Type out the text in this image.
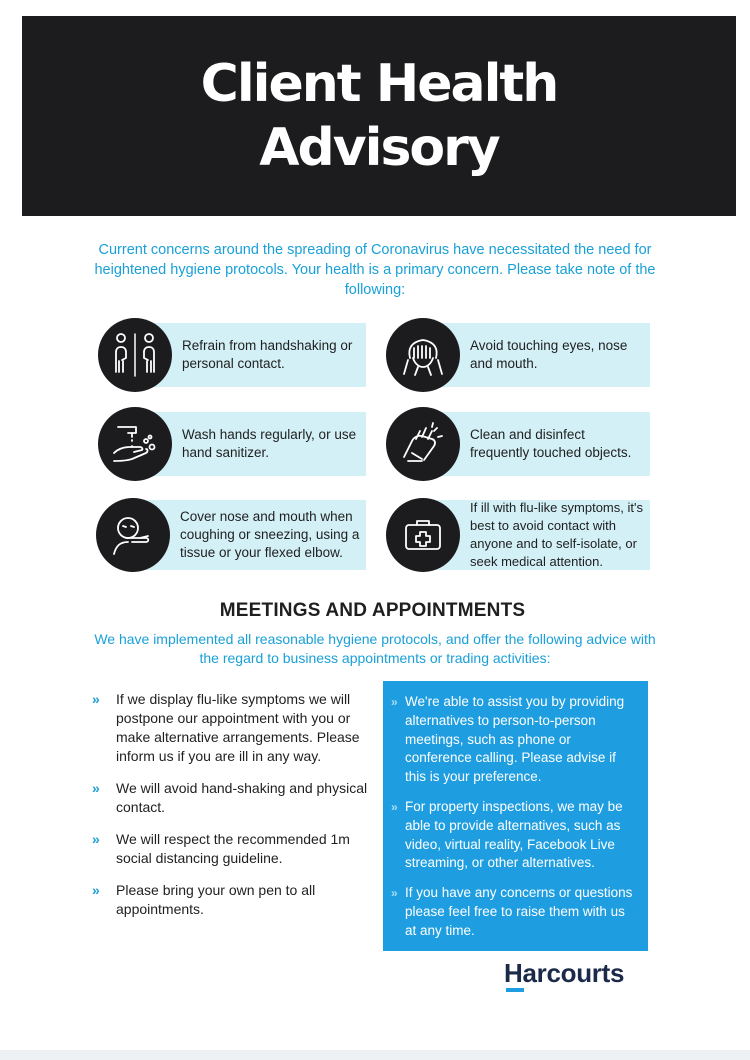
Client Health
Advisory

Current concerns around the spreading of Coronavirus have necessitated the need for heightened hygiene protocols. Your health is a primary concern. Please take note of the following:

Refrain from handshaking or personal contact.
Avoid touching eyes, nose and mouth.
Wash hands regularly, or use hand sanitizer.
Clean and disinfect frequently touched objects.
Cover nose and mouth when coughing or sneezing, using a tissue or your flexed elbow.
If ill with flu-like symptoms, it's best to avoid contact with anyone and to self-isolate, or seek medical attention.
MEETINGS AND APPOINTMENTS

We have implemented all reasonable hygiene protocols, and offer the following advice with the regard to business appointments or trading activities:

» If we display flu-like symptoms we will postpone our appointment with you or make alternative arrangements. Please inform us if you are ill in any way.
» We will avoid hand-shaking and physical contact.
» We will respect the recommended 1m social distancing guideline.
» Please bring your own pen to all appointments.
» We're able to assist you by providing alternatives to person-to-person meetings, such as phone or conference calling. Please advise if this is your preference.
» For property inspections, we may be able to provide alternatives, such as video, virtual reality, Facebook Live streaming, or other alternatives.
» If you have any concerns or questions please feel free to raise them with us at any time.
Harcourts
